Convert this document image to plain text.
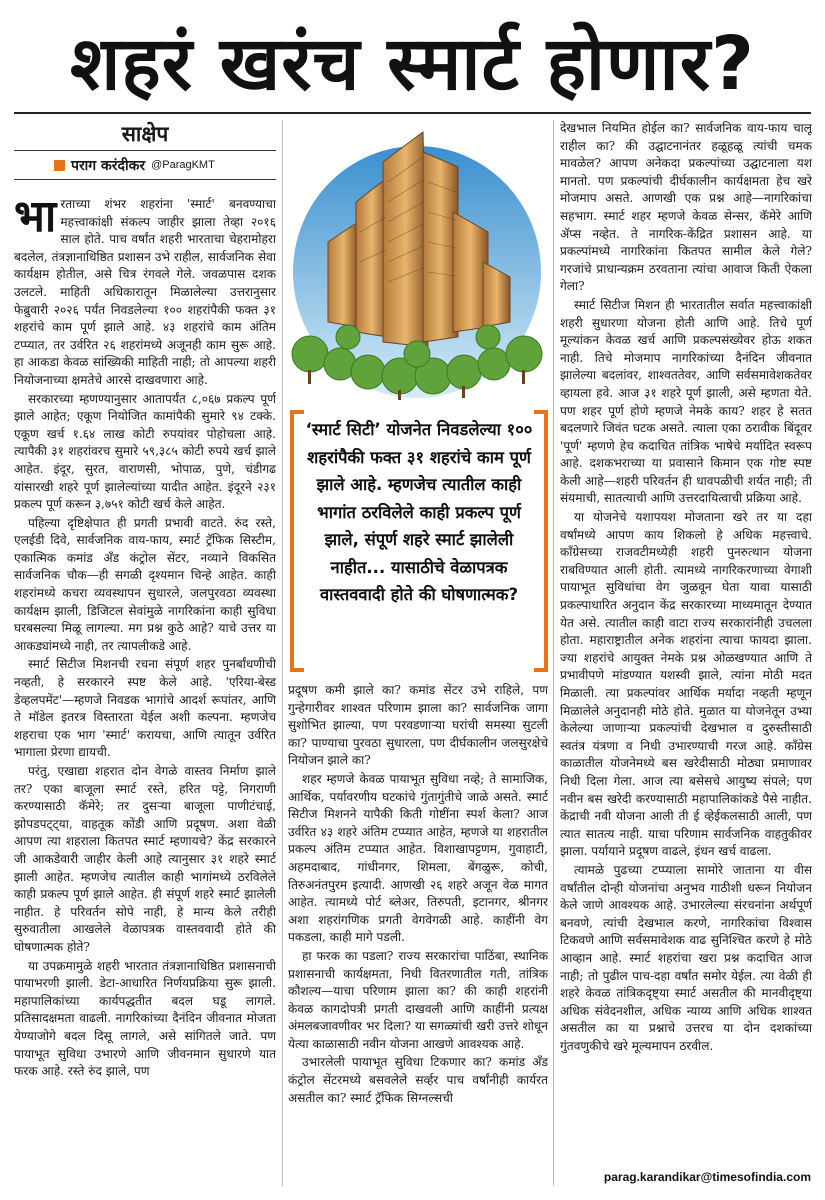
शहरं खरंच स्मार्ट होणार?
साक्षेप
पराग करंदीकर @ParagKMT

भारताच्या शंभर शहरांना 'स्मार्ट' बनवण्याचा महत्त्वाकांक्षी संकल्प जाहीर झाला तेव्हा २०१६ साल होते. पाच वर्षांत शहरी भारताचा चेहरामोहरा बदलेल, तंत्रज्ञानाधिष्ठित प्रशासन उभे राहील, सार्वजनिक सेवा कार्यक्षम होतील, असे चित्र रंगवले गेले. जवळपास दशक उलटले. माहिती अधिकारातून मिळालेल्या उत्तरानुसार फेब्रुवारी २०२६ पर्यंत निवडलेल्या १०० शहरांपैकी फक्त ३१ शहरांचे काम पूर्ण झाले आहे. ४३ शहरांचे काम अंतिम टप्प्यात, तर उर्वरित २६ शहरांमध्ये अजूनही काम सुरू आहे. हा आकडा केवळ सांख्यिकी माहिती नाही; तो आपल्या शहरी नियोजनाच्या क्षमतेचे आरसे दाखवणारा आहे.

सरकारच्या म्हणण्यानुसार आतापर्यंत ८,०६७ प्रकल्प पूर्ण झाले आहेत; एकूण नियोजित कामांपैकी सुमारे ९४ टक्के. एकूण खर्च १.६४ लाख कोटी रुपयांवर पोहोचला आहे. त्यापैकी ३१ शहरांवरच सुमारे ५९,३८५ कोटी रुपये खर्च झाले आहेत. इंदूर, सुरत, वाराणसी, भोपाळ, पुणे, चंडीगढ यांसारखी शहरे पूर्ण झालेल्यांच्या यादीत आहेत. इंदूरने २३१ प्रकल्प पूर्ण करून ३,७५१ कोटी खर्च केले आहेत.

पहिल्या दृष्टिक्षेपात ही प्रगती प्रभावी वाटते. रुंद रस्ते, एलईडी दिवे, सार्वजनिक वाय-फाय, स्मार्ट ट्रॅफिक सिस्टीम, एकात्मिक कमांड अँड कंट्रोल सेंटर, नव्याने विकसित सार्वजनिक चौक—ही सगळी दृश्यमान चिन्हे आहेत. काही शहरांमध्ये कचरा व्यवस्थापन सुधारले, जलपुरवठा व्यवस्था कार्यक्षम झाली, डिजिटल सेवांमुळे नागरिकांना काही सुविधा घरबसल्या मिळू लागल्या. मग प्रश्न कुठे आहे? याचे उत्तर या आकड्यांमध्ये नाही, तर त्यापलीकडे आहे.

स्मार्ट सिटीज मिशनची रचना संपूर्ण शहर पुनर्बांधणीची नव्हती, हे सरकारने स्पष्ट केले आहे. 'एरिया-बेस्ड डेव्हलपमेंट'—म्हणजे निवडक भागांचे आदर्श रूपांतर, आणि ते मॉडेल इतरत्र विस्तारता येईल अशी कल्पना. म्हणजेच शहराचा एक भाग 'स्मार्ट' करायचा, आणि त्यातून उर्वरित भागाला प्रेरणा द्यायची.

परंतु, एखाद्या शहरात दोन वेगळे वास्तव निर्माण झाले तर? एका बाजूला स्मार्ट रस्ते, हरित पट्टे, निगराणी करण्यासाठी कॅमेरे; तर दुसऱ्या बाजूला पाणीटंचाई, झोपडपट्ट्या, वाहतूक कोंडी आणि प्रदूषण. अशा वेळी आपण त्या शहराला कितपत स्मार्ट म्हणायचे? केंद्र सरकारने जी आकडेवारी जाहीर केली आहे त्यानुसार ३१ शहरे स्मार्ट झाली आहेत. म्हणजेच त्यातील काही भागांमध्ये ठरविलेले काही प्रकल्प पूर्ण झाले आहेत. ही संपूर्ण शहरे स्मार्ट झालेली नाहीत. हे परिवर्तन सोपे नाही, हे मान्य केले तरीही सुरुवातीला आखलेले वेळापत्रक वास्तववादी होते की घोषणात्मक होते?

या उपक्रमामुळे शहरी भारतात तंत्रज्ञानाधिष्ठित प्रशासनाची पायाभरणी झाली. डेटा-आधारित निर्णयप्रक्रिया सुरू झाली. महापालिकांच्या कार्यपद्धतीत बदल घडू लागले. प्रतिसादक्षमता वाढली. नागरिकांच्या दैनंदिन जीवनात मोजता येण्याजोगे बदल दिसू लागले, असे सांगितले जाते. पण पायाभूत सुविधा उभारणे आणि जीवनमान सुधारणे यात फरक आहे. रस्ते रुंद झाले, पण

‘स्मार्ट सिटी’ योजनेत निवडलेल्या १०० शहरांपैकी फक्त ३१ शहरांचे काम पूर्ण झाले आहे. म्हणजेच त्यातील काही भागांत ठरविलेले काही प्रकल्प पूर्ण झाले, संपूर्ण शहरे स्मार्ट झालेली नाहीत... यासाठीचे वेळापत्रक वास्तववादी होते की घोषणात्मक?

प्रदूषण कमी झाले का? कमांड सेंटर उभे राहिले, पण गुन्हेगारीवर शाश्वत परिणाम झाला का? सार्वजनिक जागा सुशोभित झाल्या, पण परवडणाऱ्या घरांची समस्या सुटली का? पाण्याचा पुरवठा सुधारला, पण दीर्घकालीन जलसुरक्षेचे नियोजन झाले का?

शहर म्हणजे केवळ पायाभूत सुविधा नव्हे; ते सामाजिक, आर्थिक, पर्यावरणीय घटकांचे गुंतागुंतीचे जाळे असते. स्मार्ट सिटीज मिशनने यापैकी किती गोष्टींना स्पर्श केला? आज उर्वरित ४३ शहरे अंतिम टप्प्यात आहेत, म्हणजे या शहरातील प्रकल्प अंतिम टप्प्यात आहेत. विशाखापट्टणम, गुवाहाटी, अहमदाबाद, गांधीनगर, शिमला, बेंगळुरू, कोची, तिरुअनंतपुरम इत्यादी. आणखी २६ शहरे अजून वेळ मागत आहेत. त्यामध्ये पोर्ट ब्लेअर, तिरुपती, इटानगर, श्रीनगर अशा शहरांगणिक प्रगती वेगवेगळी आहे. काहींनी वेग पकडला, काही मागे पडली.

हा फरक का पडला? राज्य सरकारांचा पाठिंबा, स्थानिक प्रशासनाची कार्यक्षमता, निधी वितरणातील गती, तांत्रिक कौशल्य—याचा परिणाम झाला का? की काही शहरांनी केवळ कागदोपत्री प्रगती दाखवली आणि काहींनी प्रत्यक्ष अंमलबजावणीवर भर दिला? या सगळ्यांची खरी उत्तरे शोधून येत्या काळासाठी नवीन योजना आखणे आवश्यक आहे.

उभारलेली पायाभूत सुविधा टिकणार का? कमांड अँड कंट्रोल सेंटरमध्ये बसवलेले सर्व्हर पाच वर्षांनीही कार्यरत असतील का? स्मार्ट ट्रॅफिक सिग्नल्सची

देखभाल नियमित होईल का? सार्वजनिक वाय-फाय चालू राहील का? की उद्घाटनानंतर हळूहळू त्यांची चमक मावळेल? आपण अनेकदा प्रकल्पांच्या उद्घाटनाला यश मानतो. पण प्रकल्पांची दीर्घकालीन कार्यक्षमता हेच खरे मोजमाप असते. आणखी एक प्रश्न आहे—नागरिकांचा सहभाग. स्मार्ट शहर म्हणजे केवळ सेन्सर, कॅमेरे आणि ॲप्स नव्हेत. ते नागरिक-केंद्रित प्रशासन आहे. या प्रकल्पांमध्ये नागरिकांना कितपत सामील केले गेले? गरजांचे प्राधान्यक्रम ठरवताना त्यांचा आवाज किती ऐकला गेला?

स्मार्ट सिटीज मिशन ही भारतातील सर्वात महत्त्वाकांक्षी शहरी सुधारणा योजना होती आणि आहे. तिचे पूर्ण मूल्यांकन केवळ खर्च आणि प्रकल्पसंख्येवर होऊ शकत नाही. तिचे मोजमाप नागरिकांच्या दैनंदिन जीवनात झालेल्या बदलांवर, शाश्वततेवर, आणि सर्वसमावेशकतेवर व्हायला हवे. आज ३१ शहरे पूर्ण झाली, असे म्हणता येते. पण शहर पूर्ण होणे म्हणजे नेमके काय? शहर हे सतत बदलणारे जिवंत घटक असते. त्याला एका ठरावीक बिंदूवर 'पूर्ण' म्हणणे हेच कदाचित तांत्रिक भाषेचे मर्यादित स्वरूप आहे. दशकभराच्या या प्रवासाने किमान एक गोष्ट स्पष्ट केली आहे—शहरी परिवर्तन ही धावपळीची शर्यत नाही; ती संयमाची, सातत्याची आणि उत्तरदायित्वाची प्रक्रिया आहे.

या योजनेचे यशापयश मोजताना खरे तर या दहा वर्षांमध्ये आपण काय शिकलो हे अधिक महत्त्वाचे. काँग्रेसच्या राजवटीमध्येही शहरी पुनरुत्थान योजना राबविण्यात आली होती. त्यामध्ये नागरिकरणाच्या वेगाशी पायाभूत सुविधांचा वेग जुळवून घेता यावा यासाठी प्रकल्पाधारित अनुदान केंद्र सरकारच्या माध्यमातून देण्यात येत असे. त्यातील काही वाटा राज्य सरकारांनीही उचलला होता. महाराष्ट्रातील अनेक शहरांना त्याचा फायदा झाला. ज्या शहरांचे आयुक्त नेमके प्रश्न ओळखण्यात आणि ते प्रभावीपणे मांडण्यात यशस्वी झाले, त्यांना मोठी मदत मिळाली. त्या प्रकल्पांवर आर्थिक मर्यादा नव्हती म्हणून मिळालेले अनुदानही मोठे होते. मुळात या योजनेतून उभ्या केलेल्या जाणाऱ्या प्रकल्पांची देखभाल व दुरुस्तीसाठी स्वतंत्र यंत्रणा व निधी उभारण्याची गरज आहे. काँग्रेस काळातील योजनेमध्ये बस खरेदीसाठी मोठ्या प्रमाणावर निधी दिला गेला. आज त्या बसेसचे आयुष्य संपले; पण नवीन बस खरेदी करण्यासाठी महापालिकांकडे पैसे नाहीत. केंद्राची नवी योजना आली ती ई व्हेईकलसाठी आली, पण त्यात सातत्य नाही. याचा परिणाम सार्वजनिक वाहतुकीवर झाला. पर्यायाने प्रदूषण वाढले, इंधन खर्च वाढला.

त्यामळे पुढच्या टप्प्याला सामोरे जाताना या वीस वर्षांतील दोन्ही योजनांचा अनुभव गाठीशी धरून नियोजन केले जाणे आवश्यक आहे. उभारलेल्या संरचनांना अर्थपूर्ण बनवणे, त्यांची देखभाल करणे, नागरिकांचा विश्वास टिकवणे आणि सर्वसमावेशक वाढ सुनिश्चित करणे हे मोठे आव्हान आहे. स्मार्ट शहरांचा खरा प्रश्न कदाचित आज नाही; तो पुढील पाच-दहा वर्षांत समोर येईल. त्या वेळी ही शहरे केवळ तांत्रिकदृष्ट्या स्मार्ट असतील की मानवीदृष्ट्या अधिक संवेदनशील, अधिक न्याय्य आणि अधिक शाश्वत असतील का या प्रश्नाचे उत्तरच या दोन दशकांच्या गुंतवणुकीचे खरे मूल्यमापन ठरवील.

parag.karandikar@timesofindia.com
